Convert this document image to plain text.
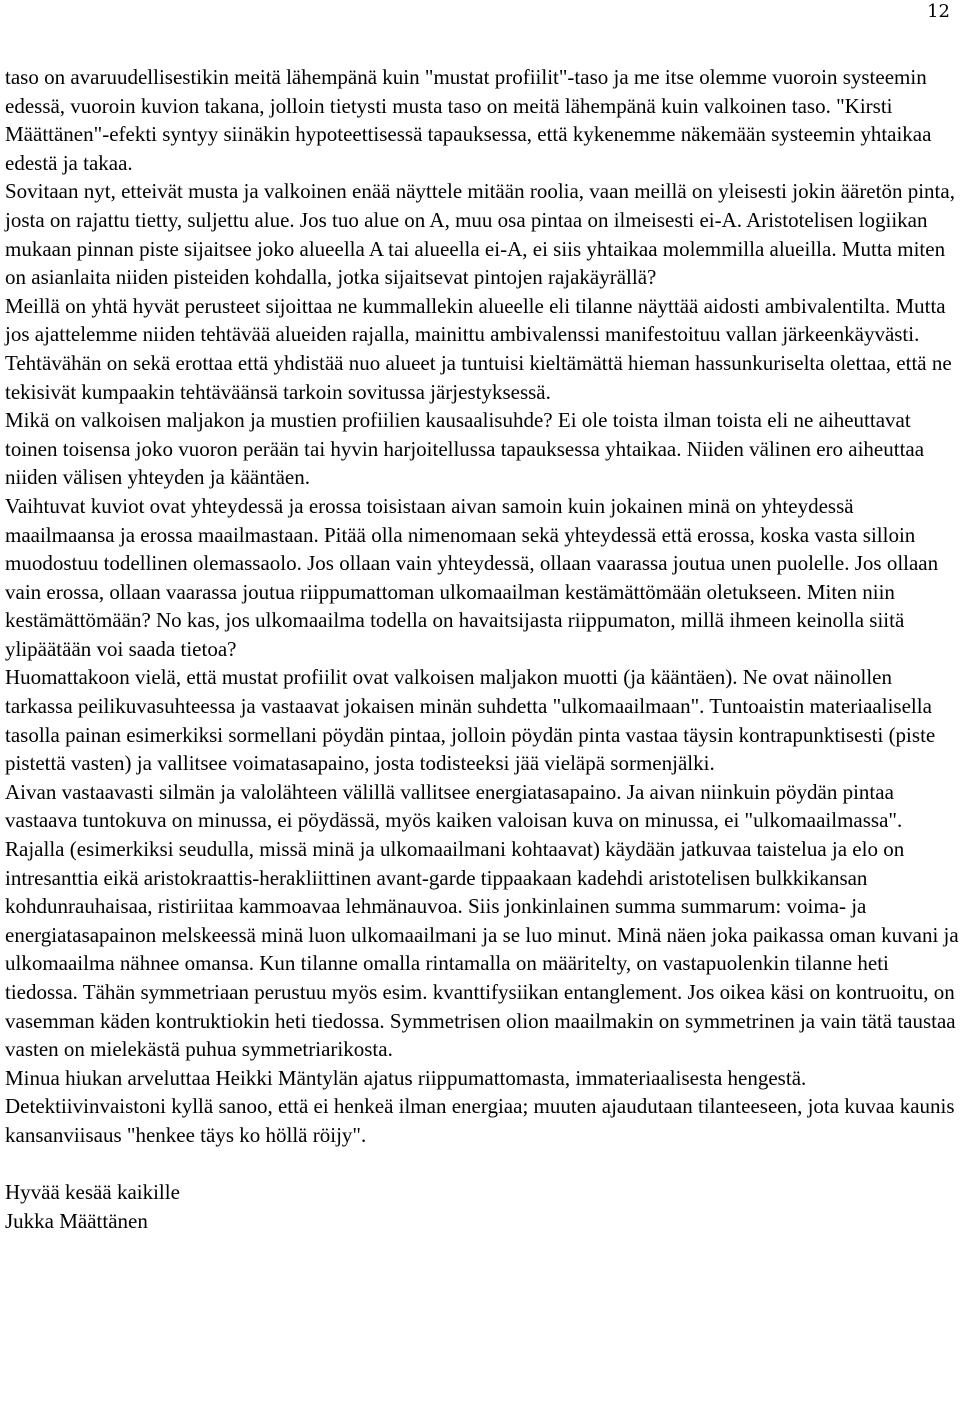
12

taso on avaruudellisestikin meitä lähempänä kuin "mustat profiilit"-taso ja me itse olemme vuoroin systeemin edessä, vuoroin kuvion takana, jolloin tietysti musta taso on meitä lähempänä kuin valkoinen taso. "Kirsti Määttänen"-efekti syntyy siinäkin hypoteettisessä tapauksessa, että kykenemme näkemään systeemin yhtaikaa edestä ja takaa.

Sovitaan nyt, etteivät musta ja valkoinen enää näyttele mitään roolia, vaan meillä on yleisesti jokin ääretön pinta, josta on rajattu tietty, suljettu alue. Jos tuo alue on A, muu osa pintaa on ilmeisesti ei-A. Aristotelisen logiikan mukaan pinnan piste sijaitsee joko alueella A tai alueella ei-A, ei siis yhtaikaa molemmilla alueilla. Mutta miten on asianlaita niiden pisteiden kohdalla, jotka sijaitsevat pintojen rajakäyrällä?

Meillä on yhtä hyvät perusteet sijoittaa ne kummallekin alueelle eli tilanne näyttää aidosti ambivalentilta. Mutta jos ajattelemme niiden tehtävää alueiden rajalla, mainittu ambivalenssi manifestoituu vallan järkeenkäyvästi.

Tehtävähän on sekä erottaa että yhdistää nuo alueet ja tuntuisi kieltämättä hieman hassunkuriselta olettaa, että ne tekisivät kumpaakin tehtäväänsä tarkoin sovitussa järjestyksessä.

Mikä on valkoisen maljakon ja mustien profiilien kausaalisuhde? Ei ole toista ilman toista eli ne aiheuttavat toinen toisensa joko vuoron perään tai hyvin harjoitellussa tapauksessa yhtaikaa. Niiden välinen ero aiheuttaa niiden välisen yhteyden ja kääntäen.

Vaihtuvat kuviot ovat yhteydessä ja erossa toisistaan aivan samoin kuin jokainen minä on yhteydessä maailmaansa ja erossa maailmastaan. Pitää olla nimenomaan sekä yhteydessä että erossa, koska vasta silloin muodostuu todellinen olemassaolo. Jos ollaan vain yhteydessä, ollaan vaarassa joutua unen puolelle. Jos ollaan vain erossa, ollaan vaarassa joutua riippumattoman ulkomaailman kestämättömään oletukseen. Miten niin kestämättömään? No kas, jos ulkomaailma todella on havaitsijasta riippumaton, millä ihmeen keinolla siitä ylipäätään voi saada tietoa?

Huomattakoon vielä, että mustat profiilit ovat valkoisen maljakon muotti (ja kääntäen). Ne ovat näinollen tarkassa peilikuvasuhteessa ja vastaavat jokaisen minän suhdetta "ulkomaailmaan". Tuntoaistin materiaalisella tasolla painan esimerkiksi sormellani pöydän pintaa, jolloin pöydän pinta vastaa täysin kontrapunktisesti (piste pistettä vasten) ja vallitsee voimatasapaino, josta todisteeksi jää vieläpä sormenjälki.

Aivan vastaavasti silmän ja valolähteen välillä vallitsee energiatasapaino. Ja aivan niinkuin pöydän pintaa vastaava tuntokuva on minussa, ei pöydässä, myös kaiken valoisan kuva on minussa, ei "ulkomaailmassa".

Rajalla (esimerkiksi seudulla, missä minä ja ulkomaailmani kohtaavat) käydään jatkuvaa taistelua ja elo on intresanttia eikä aristokraattis-herakliittinen avant-garde tippaakaan kadehdi aristotelisen bulkkikansan kohdunrauhaisaa, ristiriitaa kammoavaa lehmänauvoa. Siis jonkinlainen summa summarum: voima- ja energiatasapainon melskeessä minä luon ulkomaailmani ja se luo minut. Minä näen joka paikassa oman kuvani ja ulkomaailma nähnee omansa. Kun tilanne omalla rintamalla on määritelty, on vastapuolenkin tilanne heti tiedossa. Tähän symmetriaan perustuu myös esim. kvanttifysiikan entanglement. Jos oikea käsi on kontruoitu, on vasemman käden kontruktiokin heti tiedossa. Symmetrisen olion maailmakin on symmetrinen ja vain tätä taustaa vasten on mielekästä puhua symmetriarikosta.

Minua hiukan arveluttaa Heikki Mäntylän ajatus riippumattomasta, immateriaalisesta hengestä. Detektiivinvaistoni kyllä sanoo, että ei henkeä ilman energiaa; muuten ajaudutaan tilanteeseen, jota kuvaa kaunis kansanviisaus "henkee täys ko höllä röijy".

Hyvää kesää kaikille

Jukka Määttänen
